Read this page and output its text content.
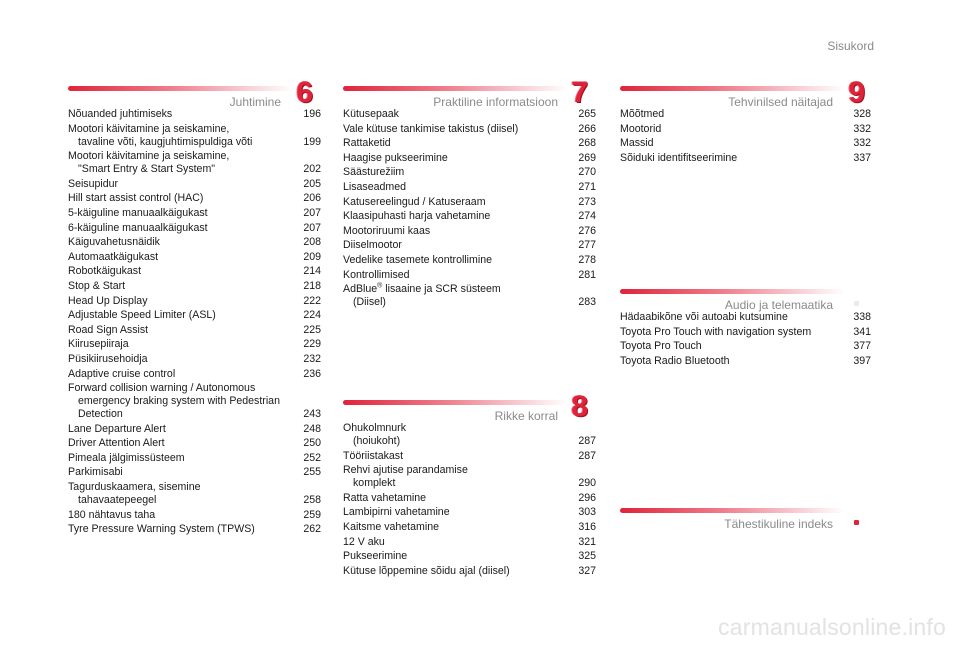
Sisukord
Juhtimine 6
Nõuanded juhtimiseks	196
Mootori käivitamine ja seiskamine,
tavaline võti, kaugjuhtimispuldiga võti	199
Mootori käivitamine ja seiskamine,
"Smart Entry & Start System"	202
Seisupidur	205
Hill start assist control (HAC)	206
5-käiguline manuaalkäigukast	207
6-käiguline manuaalkäigukast	207
Käiguvahetusnäidik	208
Automaatkäigukast	209
Robotkäigukast	214
Stop & Start	218
Head Up Display	222
Adjustable Speed Limiter (ASL)	224
Road Sign Assist	225
Kiirusepiiraja	229
Püsikiirusehoidja	232
Adaptive cruise control	236
Forward collision warning / Autonomous
emergency braking system with Pedestrian
Detection	243
Lane Departure Alert	248
Driver Attention Alert	250
Pimeala jälgimissüsteem	252
Parkimisabi	255
Tagurduskaamera, sisemine
tahavaatepeegel	258
180 nähtavus taha	259
Tyre Pressure Warning System (TPWS)	262
Praktiline informatsioon 7
Kütusepaak	265
Vale kütuse tankimise takistus (diisel)	266
Rattaketid	268
Haagise pukseerimine	269
Säästurežiim	270
Lisaseadmed	271
Katusereelingud / Katuseraam	273
Klaasipuhasti harja vahetamine	274
Mootoriruumi kaas	276
Diiselmootor	277
Vedelike tasemete kontrollimine	278
Kontrollimised	281
AdBlue® lisaaine ja SCR süsteem
(Diisel)	283
Rikke korral 8
Ohukolmnurk
(hoiukoht)	287
Tööriistakast	287
Rehvi ajutise parandamise
komplekt	290
Ratta vahetamine	296
Lambipirni vahetamine	303
Kaitsme vahetamine	316
12 V aku	321
Pukseerimine	325
Kütuse lõppemine sõidu ajal (diisel)	327
Tehvinilsed näitajad 9
Mõõtmed	328
Mootorid	332
Massid	332
Sõiduki identifitseerimine	337
Audio ja telemaatika
Hädaabikõne või autoabi kutsumine	338
Toyota Pro Touch with navigation system	341
Toyota Pro Touch	377
Toyota Radio Bluetooth	397
Tähestikuline indeks
carmanualsonline.info
